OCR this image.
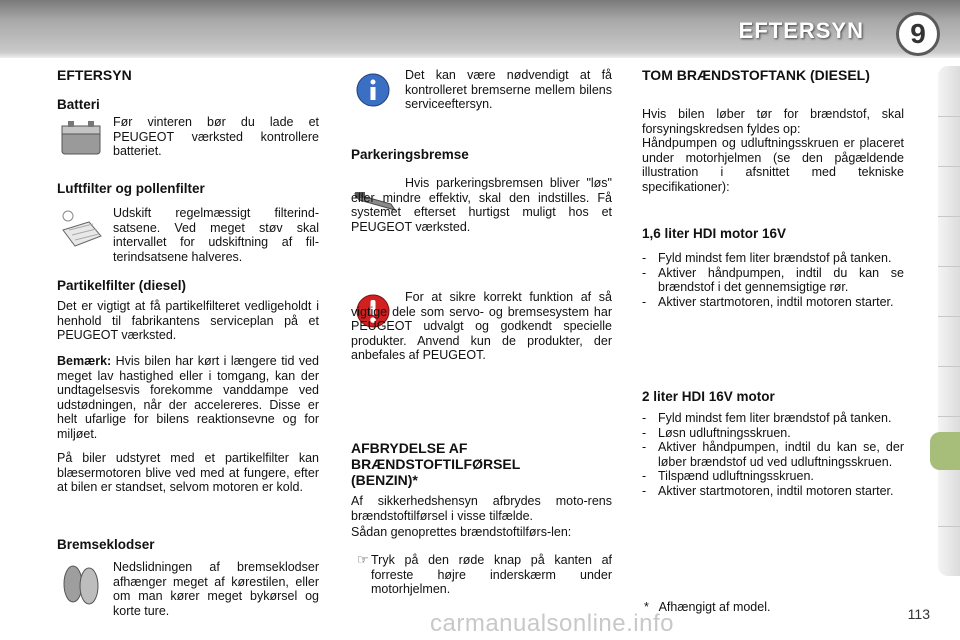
EFTERSYN	9
EFTERSYN
Batteri
Før vinteren bør du lade et PEUGEOT værksted kontrollere batteriet.
Luftfilter og pollenfilter
Udskift regelmæssigt filterind-satsene. Ved meget støv skal intervallet for udskiftning af fil-terindsatsene halveres.
Partikelfilter (diesel)
Det er vigtigt at få partikelfilteret vedligeholdt i henhold til fabrikantens serviceplan på et PEUGEOT værksted.
Bemærk: Hvis bilen har kørt i længere tid ved meget lav hastighed eller i tomgang, kan der undtagelsesvis forekomme vanddampe ved udstødningen, når der accelereres. Disse er helt ufarlige for bilens reaktionsevne og for miljøet.
På biler udstyret med et partikelfilter kan blæsermotoren blive ved med at fungere, efter at bilen er standset, selvom motoren er kold.
Bremseklodser
Nedslidningen af bremseklodser afhænger meget af kørestilen, eller om man kører meget bykørsel og korte ture.
Det kan være nødvendigt at få kontrolleret bremserne mellem bilens serviceeftersyn.
Parkeringsbremse
Hvis parkeringsbremsen bliver "løs" eller mindre effektiv, skal den indstilles. Få systemet efterset hurtigst muligt hos et PEUGEOT værksted.
For at sikre korrekt funktion af så vigtige dele som servo- og bremsesystem har PEUGEOT udvalgt og godkendt specielle produkter. Anvend kun de produkter, der anbefales af PEUGEOT.
AFBRYDELSE AF BRÆNDSTOFTILFØRSEL (BENZIN)*
Af sikkerhedshensyn afbrydes moto-rens brændstoftilførsel i visse tilfælde.
Sådan genoprettes brændstoftilførs-len:
☞ Tryk på den røde knap på kanten af forreste højre inderskærm under motorhjelmen.
TOM BRÆNDSTOFTANK (DIESEL)
Hvis bilen løber tør for brændstof, skal forsyningskredsen fyldes op:
Håndpumpen og udluftningsskruen er placeret under motorhjelmen (se den pågældende illustration i afsnittet med tekniske specifikationer):
1,6 liter HDI motor 16V
- Fyld mindst fem liter brændstof på tanken.
- Aktiver håndpumpen, indtil du kan se brændstof i det gennemsigtige rør.
- Aktiver startmotoren, indtil motoren starter.
2 liter HDI 16V motor
- Fyld mindst fem liter brændstof på tanken.
- Løsn udluftningsskruen.
- Aktiver håndpumpen, indtil du kan se, der løber brændstof ud ved udluftningsskruen.
- Tilspænd udluftningsskruen.
- Aktiver startmotoren, indtil motoren starter.
*   Afhængigt af model.
carmanualsonline.info	113
